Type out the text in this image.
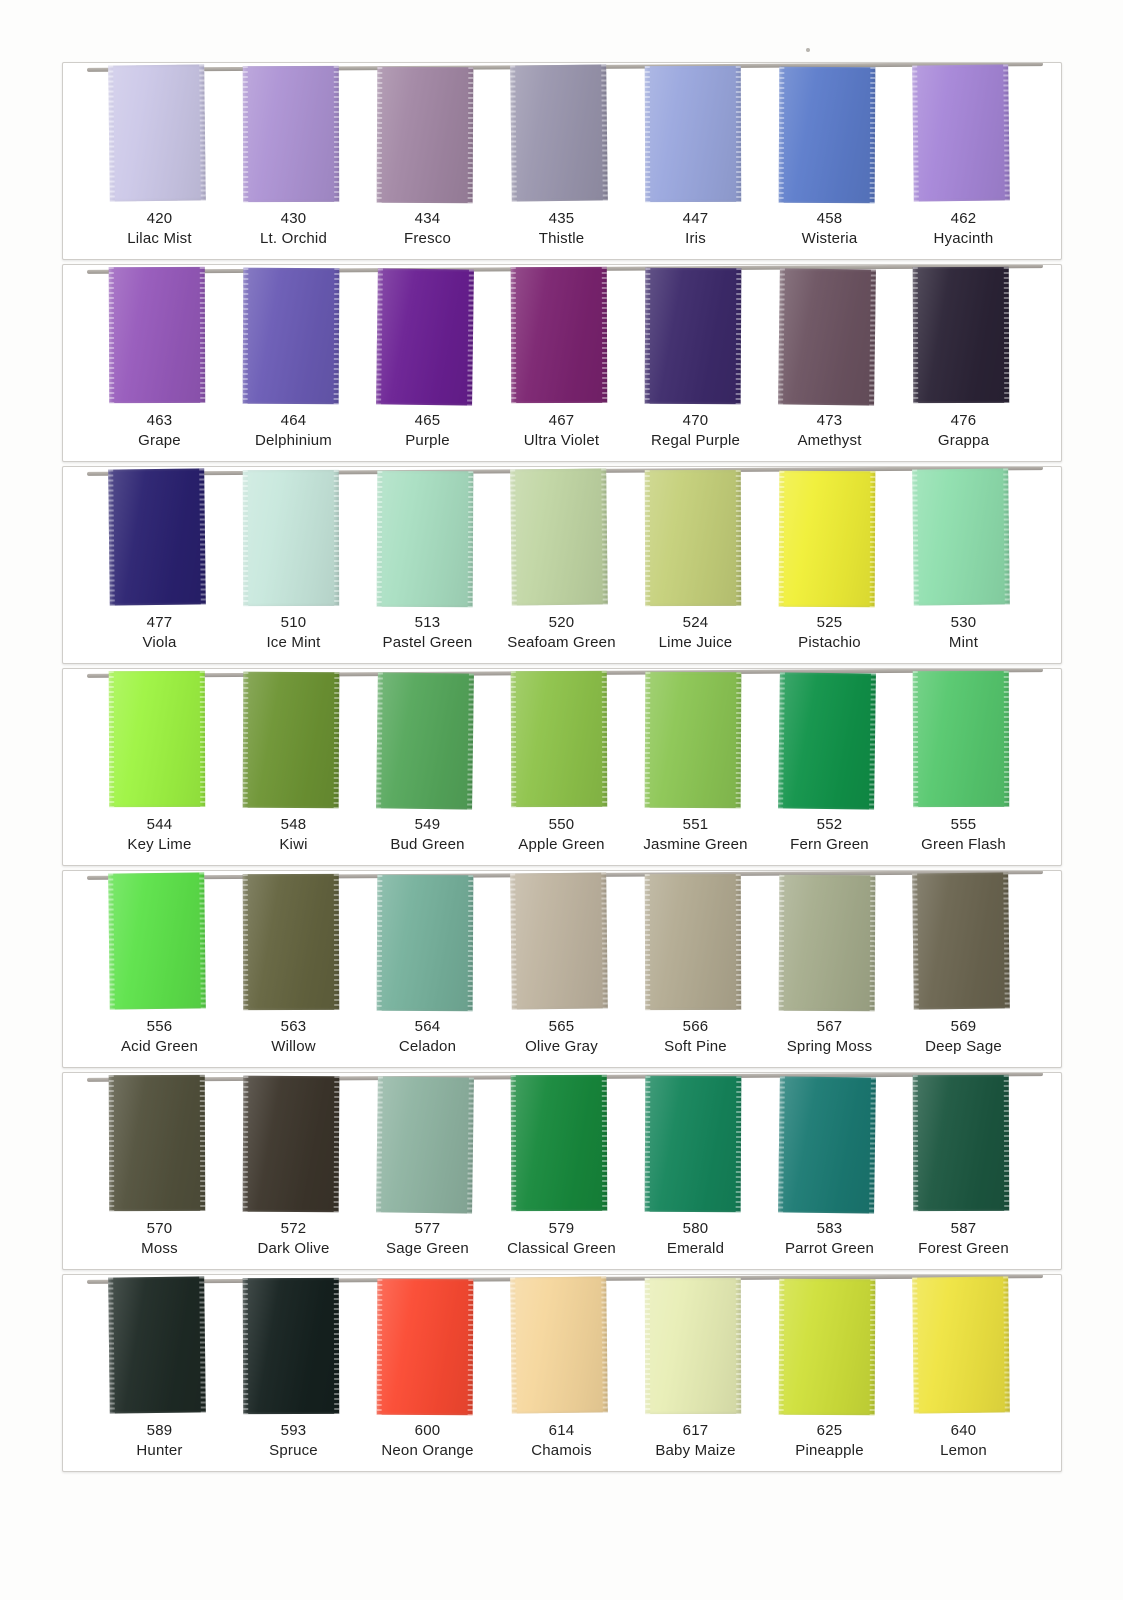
420
Lilac Mist
430
Lt. Orchid
434
Fresco
435
Thistle
447
Iris
458
Wisteria
462
Hyacinth
463
Grape
464
Delphinium
465
Purple
467
Ultra Violet
470
Regal Purple
473
Amethyst
476
Grappa
477
Viola
510
Ice Mint
513
Pastel Green
520
Seafoam Green
524
Lime Juice
525
Pistachio
530
Mint
544
Key Lime
548
Kiwi
549
Bud Green
550
Apple Green
551
Jasmine Green
552
Fern Green
555
Green Flash
556
Acid Green
563
Willow
564
Celadon
565
Olive Gray
566
Soft Pine
567
Spring Moss
569
Deep Sage
570
Moss
572
Dark Olive
577
Sage Green
579
Classical Green
580
Emerald
583
Parrot Green
587
Forest Green
589
Hunter
593
Spruce
600
Neon Orange
614
Chamois
617
Baby Maize
625
Pineapple
640
Lemon
